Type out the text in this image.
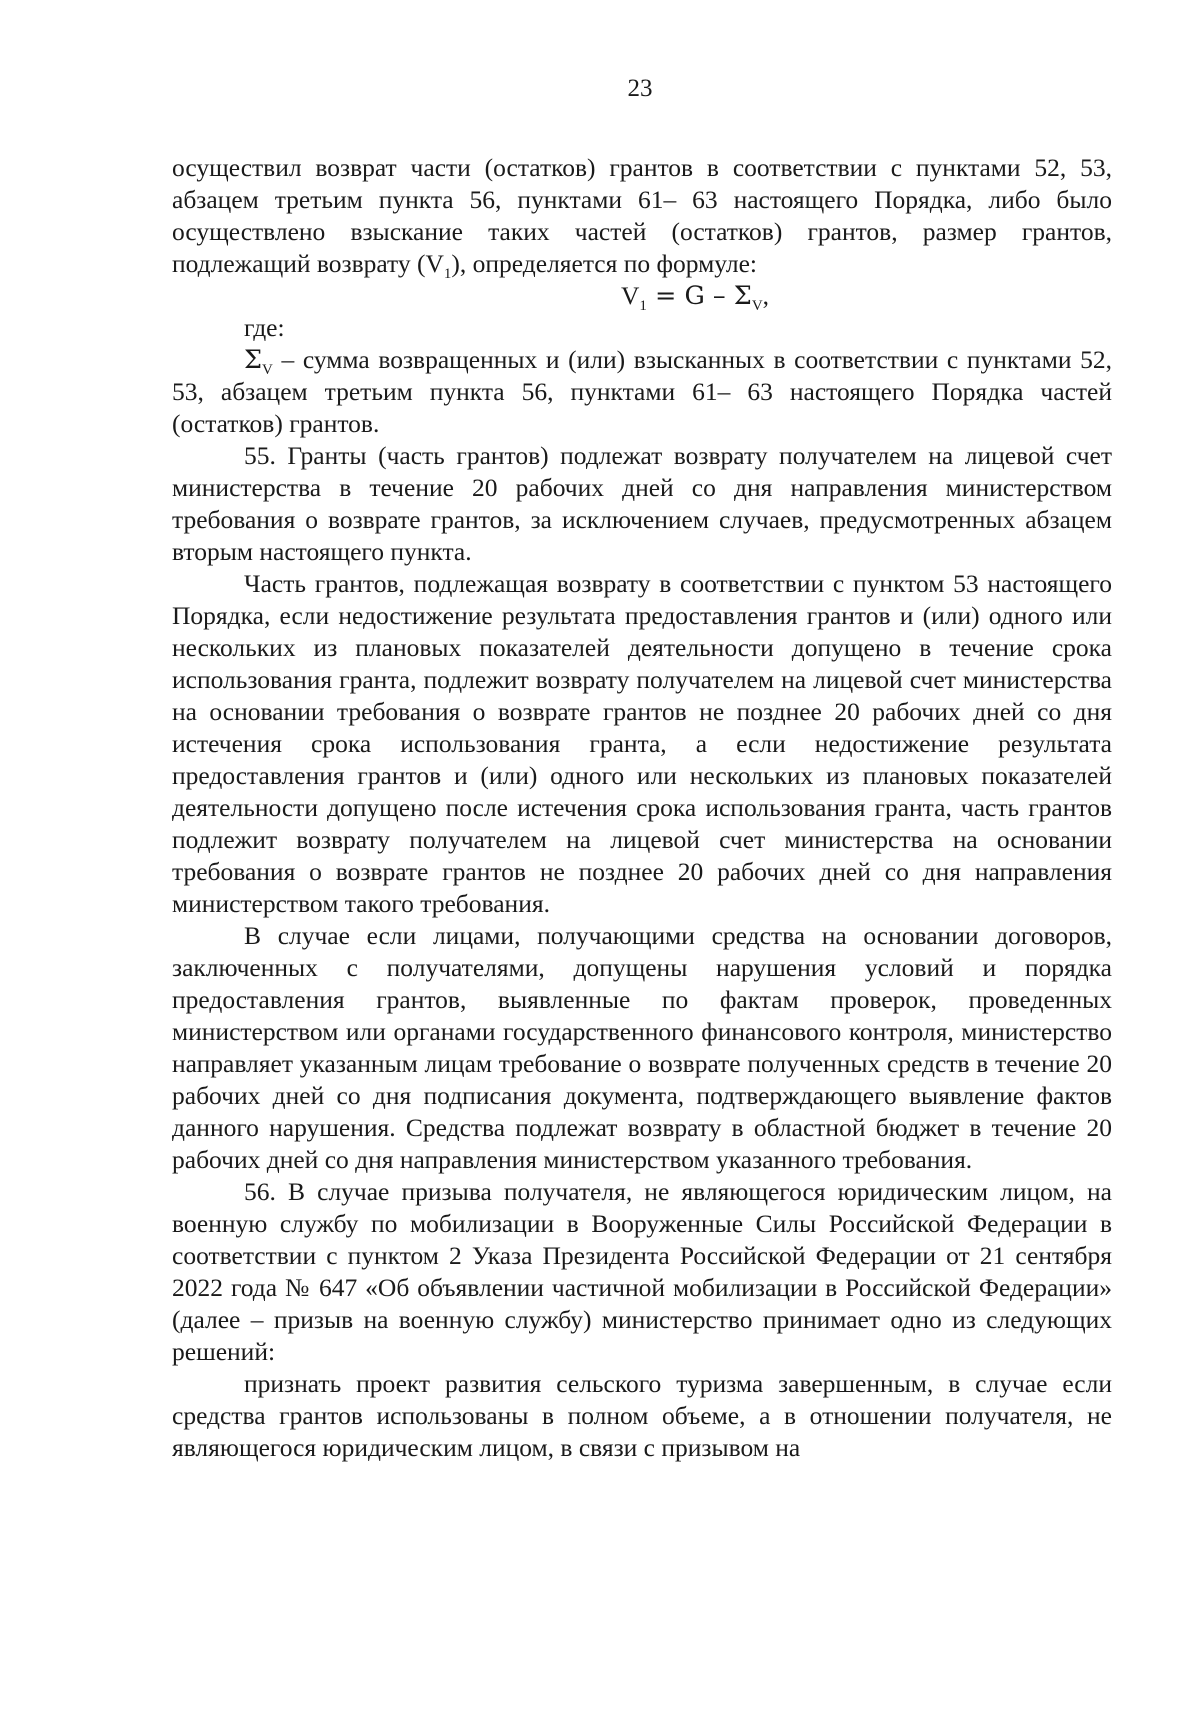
23

осуществил возврат части (остатков) грантов в соответствии с пунктами 52, 53, абзацем третьим пункта 56, пунктами 61– 63 настоящего Порядка, либо было осуществлено взыскание таких частей (остатков) грантов, размер грантов, подлежащий возврату $(V_1)$, определяется по формуле:

$V_1 = G - \Sigma_V$,

где:

$\Sigma_V$ – сумма возвращенных и (или) взысканных в соответствии с пунктами 52, 53, абзацем третьим пункта 56, пунктами 61– 63 настоящего Порядка частей (остатков) грантов.

55. Гранты (часть грантов) подлежат возврату получателем на лицевой счет министерства в течение 20 рабочих дней со дня направления министерством требования о возврате грантов, за исключением случаев, предусмотренных абзацем вторым настоящего пункта.

Часть грантов, подлежащая возврату в соответствии с пунктом 53 настоящего Порядка, если недостижение результата предоставления грантов и (или) одного или нескольких из плановых показателей деятельности допущено в течение срока использования гранта, подлежит возврату получателем на лицевой счет министерства на основании требования о возврате грантов не позднее 20 рабочих дней со дня истечения срока использования гранта, а если недостижение результата предоставления грантов и (или) одного или нескольких из плановых показателей деятельности допущено после истечения срока использования гранта, часть грантов подлежит возврату получателем на лицевой счет министерства на основании требования о возврате грантов не позднее 20 рабочих дней со дня направления министерством такого требования.

В случае если лицами, получающими средства на основании договоров, заключенных с получателями, допущены нарушения условий и порядка предоставления грантов, выявленные по фактам проверок, проведенных министерством или органами государственного финансового контроля, министерство направляет указанным лицам требование о возврате полученных средств в течение 20 рабочих дней со дня подписания документа, подтверждающего выявление фактов данного нарушения. Средства подлежат возврату в областной бюджет в течение 20 рабочих дней со дня направления министерством указанного требования.

56. В случае призыва получателя, не являющегося юридическим лицом, на военную службу по мобилизации в Вооруженные Силы Российской Федерации в соответствии с пунктом 2 Указа Президента Российской Федерации от 21 сентября 2022 года № 647 «Об объявлении частичной мобилизации в Российской Федерации» (далее – призыв на военную службу) министерство принимает одно из следующих решений:

признать проект развития сельского туризма завершенным, в случае если средства грантов использованы в полном объеме, а в отношении получателя, не являющегося юридическим лицом, в связи с призывом на
